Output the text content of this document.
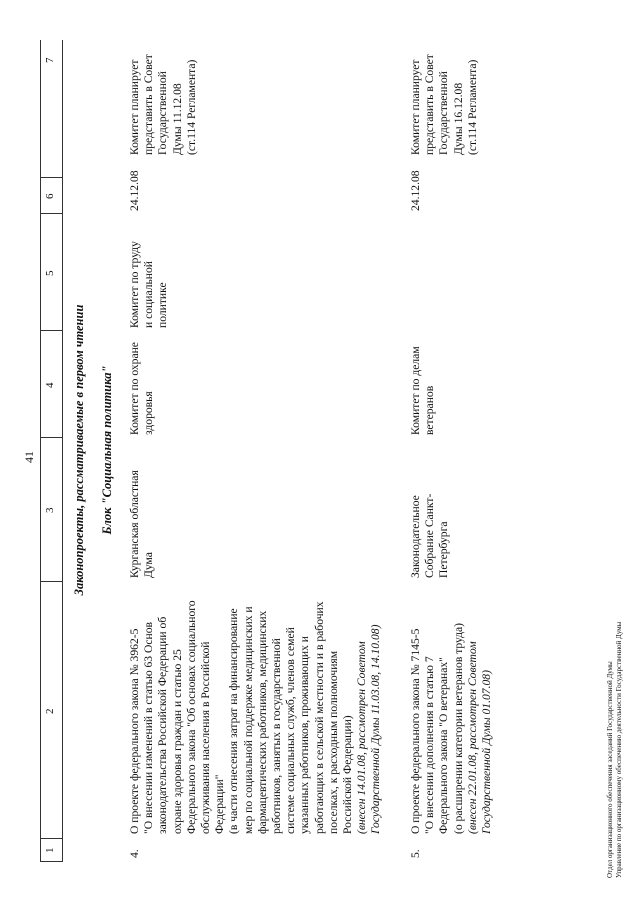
41
1
2
3
4
5
6
7
Законопроекты, рассматриваемые в первом чтении Блок "Социальная политика"
4.
О проекте федерального закона № 3962-5 "О внесении изменений в статью 63 Основ законодательства Российской Федерации об охране здоровья граждан и статью 25 Федерального закона "Об основах социального обслуживания населения в Российской Федерации" (в части отнесения затрат на финансирование мер по социальной поддержке медицинских и фармацевтических работников, медицинских работников, занятых в государственной системе социальных служб, членов семей указанных работников, проживающих и работающих в сельской местности и в рабочих поселках, к расходным полномочиям Российской Федерации) (внесен 14.01.08, рассмотрен Советом Государственной Думы 11.03.08, 14.10.08)
Курганская областная Дума
Комитет по охране здоровья
Комитет по труду и социальной политике
24.12.08
Комитет планирует представить в Совет Государственной Думы 11.12.08 (ст.114 Регламента)
5.
О проекте федерального закона № 7145-5 "О внесении дополнения в статью 7 Федерального закона "О ветеранах" (о расширении категории ветеранов труда) (внесен 22.01.08, рассмотрен Советом Государственной Думы 01.07.08)
Законодательное Собрание Санкт- Петербурга
Комитет по делам ветеранов
24.12.08
Комитет планирует представить в Совет Государственной Думы 16.12.08 (ст.114 Регламента)
Отдел организационного обеспечения заседаний Государственной Думы Управление по организационному обеспечению деятельности Государственной Думы
